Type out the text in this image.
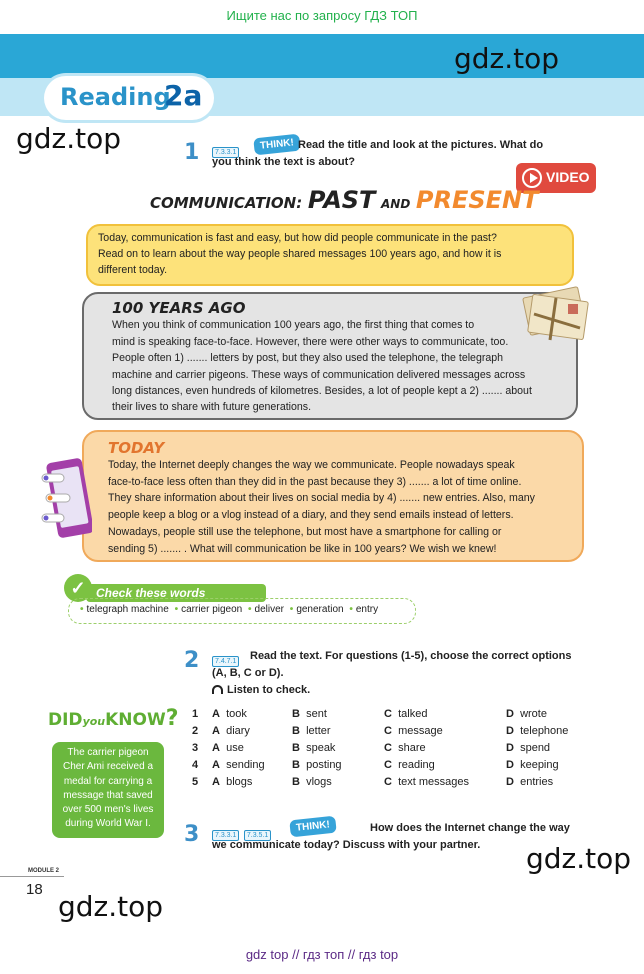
Ищите нас по запросу ГДЗ ТОП
Reading
2a
gdz.top
gdz.top
gdz.top
gdz.top
1	7.3.3.1
THINK! Read the title and look at the pictures. What do
you think the text is about?
VIDEO
COMMUNICATION: PAST AND PRESENT
Today, communication is fast and easy, but how did people communicate in the past?
Read on to learn about the way people shared messages 100 years ago, and how it is
different today.
100 YEARS AGO
When you think of communication 100 years ago, the first thing that comes to
mind is speaking face-to-face. However, there were other ways to communicate, too.
People often 1) ....... letters by post, but they also used the telephone, the telegraph
machine and carrier pigeons. These ways of communication delivered messages across
long distances, even hundreds of kilometres. Besides, a lot of people kept a 2) ....... about
their lives to share with future generations.
TODAY
Today, the Internet deeply changes the way we communicate. People nowadays speak
face-to-face less often than they did in the past because they 3) ....... a lot of time online.
They share information about their lives on social media by 4) ....... new entries. Also, many
people keep a blog or a vlog instead of a diary, and they send emails instead of letters.
Nowadays, people still use the telephone, but most have a smartphone for calling or
sending 5) ....... . What will communication be like in 100 years? We wish we knew!
Check these words
✓
• telegraph machine • carrier pigeon • deliver • generation • entry
2	7.4.7.1 Read the text. For questions (1-5), choose the correct options
(A, B, C or D).
Listen to check.
1 A took	B sent	C talked	D wrote
2 A diary	B letter	C message	D telephone
3 A use	B speak	C share	D spend
4 A sending B posting	C reading	D keeping
5 A blogs	B vlogs	C text messages	D entries
DIDyouKNOW?
The carrier pigeon
Cher Ami received a
medal for carrying a
message that saved
over 500 men's lives
during World War I.	3	7.3.3.1 7.3.5.1
THINK!	How does the Internet change the way
we communicate today? Discuss with your partner.
MODULE 2
18
gdz top // гдз топ // гдз top
